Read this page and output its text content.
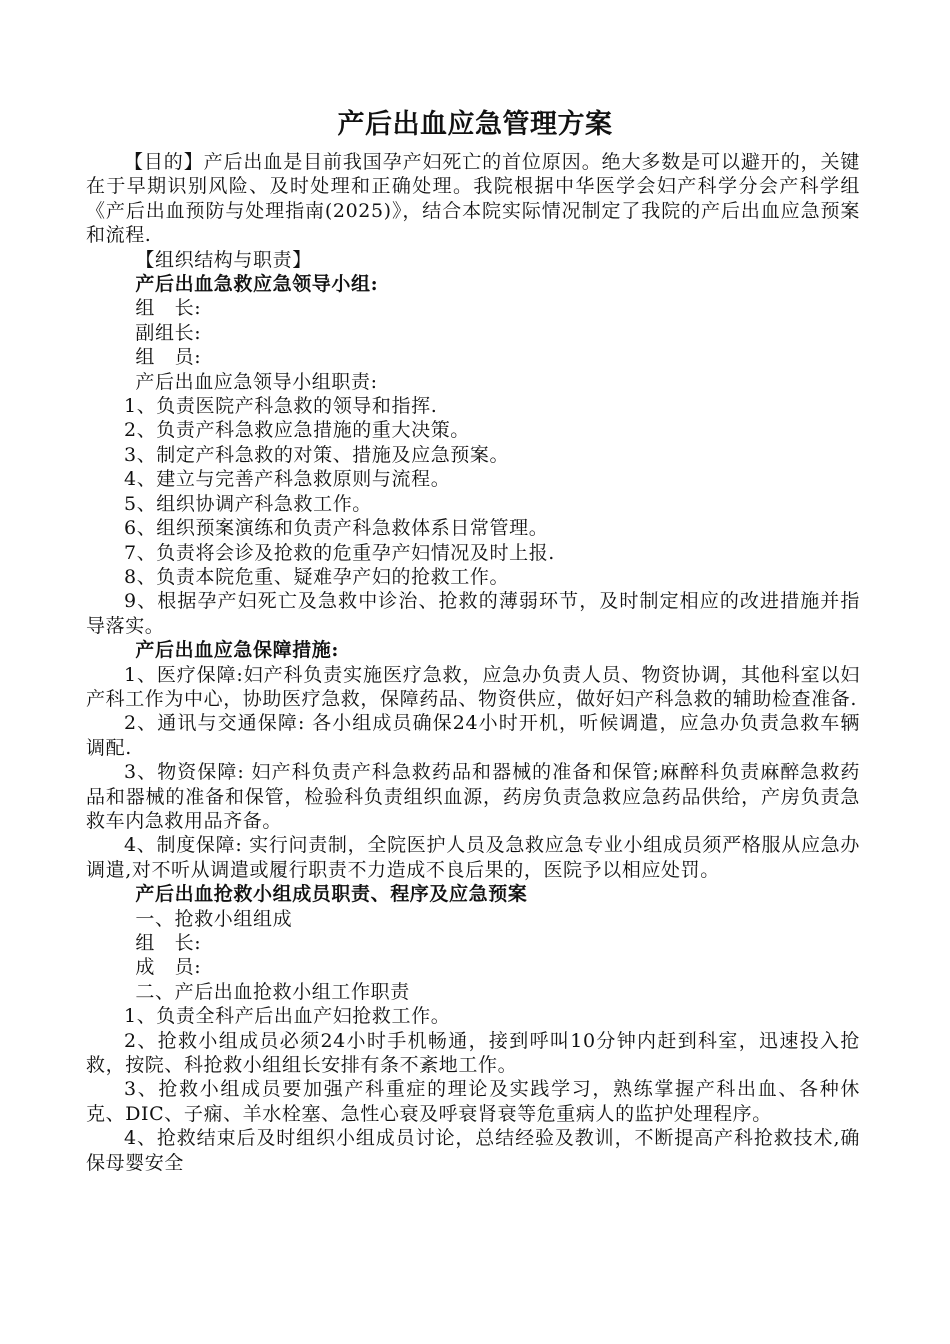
产后出血应急管理方案

【目的】产后出血是目前我国孕产妇死亡的首位原因。绝大多数是可以避开的，关键在于早期识别风险、及时处理和正确处理。我院根据中华医学会妇产科学分会产科学组《产后出血预防与处理指南(2025)》，结合本院实际情况制定了我院的产后出血应急预案和流程.

【组织结构与职责】

产后出血急救应急领导小组:

组　长:

副组长:

组　员:

产后出血应急领导小组职责:

1、负责医院产科急救的领导和指挥.

2、负责产科急救应急措施的重大决策。

3、制定产科急救的对策、措施及应急预案。

4、建立与完善产科急救原则与流程。

5、组织协调产科急救工作。

6、组织预案演练和负责产科急救体系日常管理。

7、负责将会诊及抢救的危重孕产妇情况及时上报.

8、负责本院危重、疑难孕产妇的抢救工作。

9、根据孕产妇死亡及急救中诊治、抢救的薄弱环节，及时制定相应的改进措施并指导落实。

产后出血应急保障措施:

1、医疗保障:妇产科负责实施医疗急救，应急办负责人员、物资协调，其他科室以妇产科工作为中心，协助医疗急救，保障药品、物资供应，做好妇产科急救的辅助检查准备.

2、通讯与交通保障: 各小组成员确保24小时开机，听候调遣，应急办负责急救车辆调配.

3、物资保障: 妇产科负责产科急救药品和器械的准备和保管;麻醉科负责麻醉急救药品和器械的准备和保管，检验科负责组织血源，药房负责急救应急药品供给，产房负责急救车内急救用品齐备。

4、制度保障: 实行问责制，全院医护人员及急救应急专业小组成员须严格服从应急办调遣,对不听从调遣或履行职责不力造成不良后果的，医院予以相应处罚。

产后出血抢救小组成员职责、程序及应急预案

一、抢救小组组成

组　长:

成　员:

二、产后出血抢救小组工作职责

1、负责全科产后出血产妇抢救工作。

2、抢救小组成员必须24小时手机畅通，接到呼叫10分钟内赶到科室，迅速投入抢救，按院、科抢救小组组长安排有条不紊地工作。

3、抢救小组成员要加强产科重症的理论及实践学习，熟练掌握产科出血、各种休克、DIC、子痫、羊水栓塞、急性心衰及呼衰肾衰等危重病人的监护处理程序。

4、抢救结束后及时组织小组成员讨论，总结经验及教训，不断提高产科抢救技术,确保母婴安全
